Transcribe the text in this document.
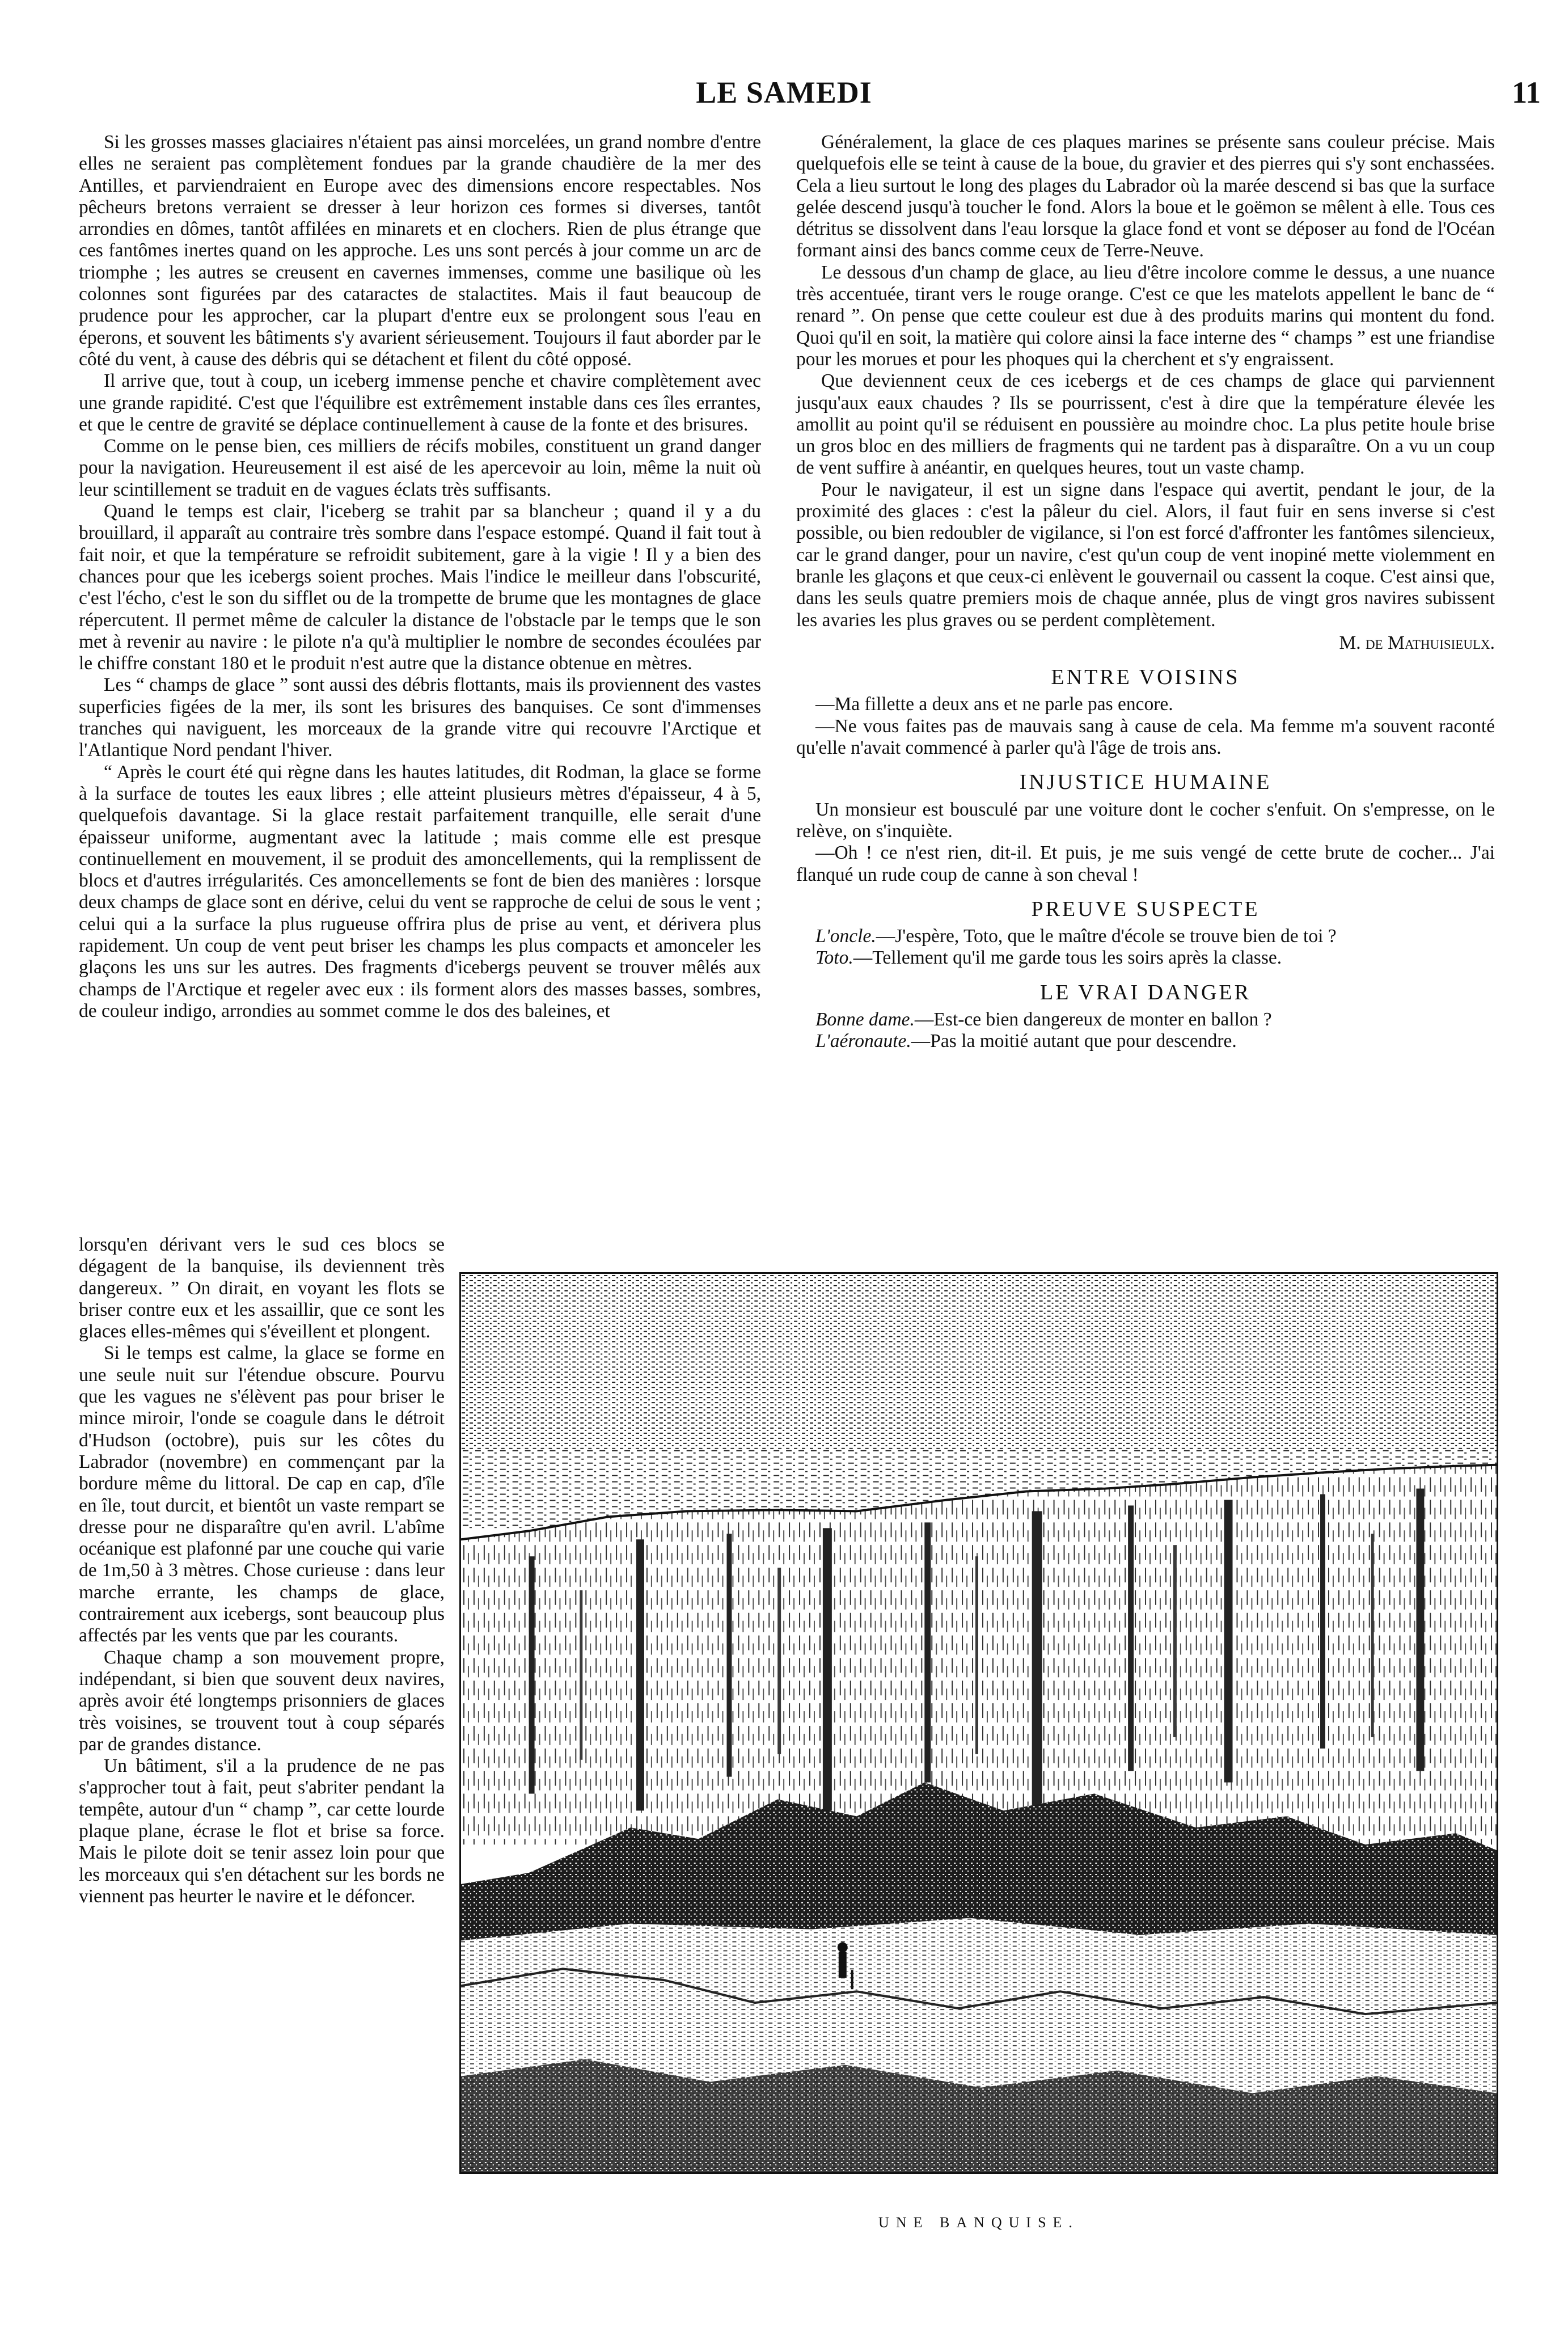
LE SAMEDI	11

Si les grosses masses glaciaires n'étaient pas ainsi morcelées, un grand nombre d'entre elles ne seraient pas complètement fondues par la grande chaudière de la mer des Antilles, et parviendraient en Europe avec des dimensions encore respectables. Nos pêcheurs bretons verraient se dresser à leur horizon ces formes si diverses, tantôt arrondies en dômes, tantôt affilées en minarets et en clochers. Rien de plus étrange que ces fantômes inertes quand on les approche. Les uns sont percés à jour comme un arc de triomphe ; les autres se creusent en cavernes immenses, comme une basilique où les colonnes sont figurées par des cataractes de stalactites. Mais il faut beaucoup de prudence pour les approcher, car la plupart d'entre eux se prolongent sous l'eau en éperons, et souvent les bâtiments s'y avarient sérieusement. Toujours il faut aborder par le côté du vent, à cause des débris qui se détachent et filent du côté opposé.

Il arrive que, tout à coup, un iceberg immense penche et chavire complètement avec une grande rapidité. C'est que l'équilibre est extrêmement instable dans ces îles errantes, et que le centre de gravité se déplace continuellement à cause de la fonte et des brisures.

Comme on le pense bien, ces milliers de récifs mobiles, constituent un grand danger pour la navigation. Heureusement il est aisé de les apercevoir au loin, même la nuit où leur scintillement se traduit en de vagues éclats très suffisants.

Quand le temps est clair, l'iceberg se trahit par sa blancheur ; quand il y a du brouillard, il apparaît au contraire très sombre dans l'espace estompé. Quand il fait tout à fait noir, et que la température se refroidit subitement, gare à la vigie ! Il y a bien des chances pour que les icebergs soient proches. Mais l'indice le meilleur dans l'obscurité, c'est l'écho, c'est le son du sifflet ou de la trompette de brume que les montagnes de glace répercutent. Il permet même de calculer la distance de l'obstacle par le temps que le son met à revenir au navire : le pilote n'a qu'à multiplier le nombre de secondes écoulées par le chiffre constant 180 et le produit n'est autre que la distance obtenue en mètres.

Les “ champs de glace ” sont aussi des débris flottants, mais ils proviennent des vastes superficies figées de la mer, ils sont les brisures des banquises. Ce sont d'immenses tranches qui naviguent, les morceaux de la grande vitre qui recouvre l'Arctique et l'Atlantique Nord pendant l'hiver.

“ Après le court été qui règne dans les hautes latitudes, dit Rodman, la glace se forme à la surface de toutes les eaux libres ; elle atteint plusieurs mètres d'épaisseur, 4 à 5, quelquefois davantage. Si la glace restait parfaitement tranquille, elle serait d'une épaisseur uniforme, augmentant avec la latitude ; mais comme elle est presque continuellement en mouvement, il se produit des amoncellements, qui la remplissent de blocs et d'autres irrégularités. Ces amoncellements se font de bien des manières : lorsque deux champs de glace sont en dérive, celui du vent se rapproche de celui de sous le vent ; celui qui a la surface la plus rugueuse offrira plus de prise au vent, et dérivera plus rapidement. Un coup de vent peut briser les champs les plus compacts et amonceler les glaçons les uns sur les autres. Des fragments d'icebergs peuvent se trouver mêlés aux champs de l'Arctique et regeler avec eux : ils forment alors des masses basses, sombres, de couleur indigo, arrondies au sommet comme le dos des baleines, et

lorsqu'en dérivant vers le sud ces blocs se dégagent de la banquise, ils deviennent très dangereux. ” On dirait, en voyant les flots se briser contre eux et les assaillir, que ce sont les glaces elles-mêmes qui s'éveillent et plongent.

Si le temps est calme, la glace se forme en une seule nuit sur l'étendue obscure. Pourvu que les vagues ne s'élèvent pas pour briser le mince miroir, l'onde se coagule dans le détroit d'Hudson (octobre), puis sur les côtes du Labrador (novembre) en commençant par la bordure même du littoral. De cap en cap, d'île en île, tout durcit, et bientôt un vaste rempart se dresse pour ne disparaître qu'en avril. L'abîme océanique est plafonné par une couche qui varie de 1m,50 à 3 mètres. Chose curieuse : dans leur marche errante, les champs de glace, contrairement aux icebergs, sont beaucoup plus affectés par les vents que par les courants.

Chaque champ a son mouvement propre, indépendant, si bien que souvent deux navires, après avoir été longtemps prisonniers de glaces très voisines, se trouvent tout à coup séparés par de grandes distance.

Un bâtiment, s'il a la prudence de ne pas s'approcher tout à fait, peut s'abriter pendant la tempête, autour d'un “ champ ”, car cette lourde plaque plane, écrase le flot et brise sa force. Mais le pilote doit se tenir assez loin pour que les morceaux qui s'en détachent sur les bords ne viennent pas heurter le navire et le défoncer.

Généralement, la glace de ces plaques marines se présente sans couleur précise. Mais quelquefois elle se teint à cause de la boue, du gravier et des pierres qui s'y sont enchassées. Cela a lieu surtout le long des plages du Labrador où la marée descend si bas que la surface gelée descend jusqu'à toucher le fond. Alors la boue et le goëmon se mêlent à elle. Tous ces détritus se dissolvent dans l'eau lorsque la glace fond et vont se déposer au fond de l'Océan formant ainsi des bancs comme ceux de Terre-Neuve.

Le dessous d'un champ de glace, au lieu d'être incolore comme le dessus, a une nuance très accentuée, tirant vers le rouge orange. C'est ce que les matelots appellent le banc de “ renard ”. On pense que cette couleur est due à des produits marins qui montent du fond. Quoi qu'il en soit, la matière qui colore ainsi la face interne des “ champs ” est une friandise pour les morues et pour les phoques qui la cherchent et s'y engraissent.

Que deviennent ceux de ces icebergs et de ces champs de glace qui parviennent jusqu'aux eaux chaudes ? Ils se pourrissent, c'est à dire que la température élevée les amollit au point qu'il se réduisent en poussière au moindre choc. La plus petite houle brise un gros bloc en des milliers de fragments qui ne tardent pas à disparaître. On a vu un coup de vent suffire à anéantir, en quelques heures, tout un vaste champ.

Pour le navigateur, il est un signe dans l'espace qui avertit, pendant le jour, de la proximité des glaces : c'est la pâleur du ciel. Alors, il faut fuir en sens inverse si c'est possible, ou bien redoubler de vigilance, si l'on est forcé d'affronter les fantômes silencieux, car le grand danger, pour un navire, c'est qu'un coup de vent inopiné mette violemment en branle les glaçons et que ceux-ci enlèvent le gouvernail ou cassent la coque. C'est ainsi que, dans les seuls quatre premiers mois de chaque année, plus de vingt gros navires subissent les avaries les plus graves ou se perdent complètement.

M. de Mathuisieulx.
ENTRE VOISINS

—Ma fillette a deux ans et ne parle pas encore.

—Ne vous faites pas de mauvais sang à cause de cela. Ma femme m'a souvent raconté qu'elle n'avait commencé à parler qu'à l'âge de trois ans.

INJUSTICE HUMAINE

Un monsieur est bousculé par une voiture dont le cocher s'enfuit. On s'empresse, on le relève, on s'inquiète.

—Oh ! ce n'est rien, dit-il. Et puis, je me suis vengé de cette brute de cocher... J'ai flanqué un rude coup de canne à son cheval !

PREUVE SUSPECTE

L'oncle.—J'espère, Toto, que le maître d'école se trouve bien de toi ?

Toto.—Tellement qu'il me garde tous les soirs après la classe.

LE VRAI DANGER

Bonne dame.—Est-ce bien dangereux de monter en ballon ?

L'aéronaute.—Pas la moitié autant que pour descendre.

UNE BANQUISE.
